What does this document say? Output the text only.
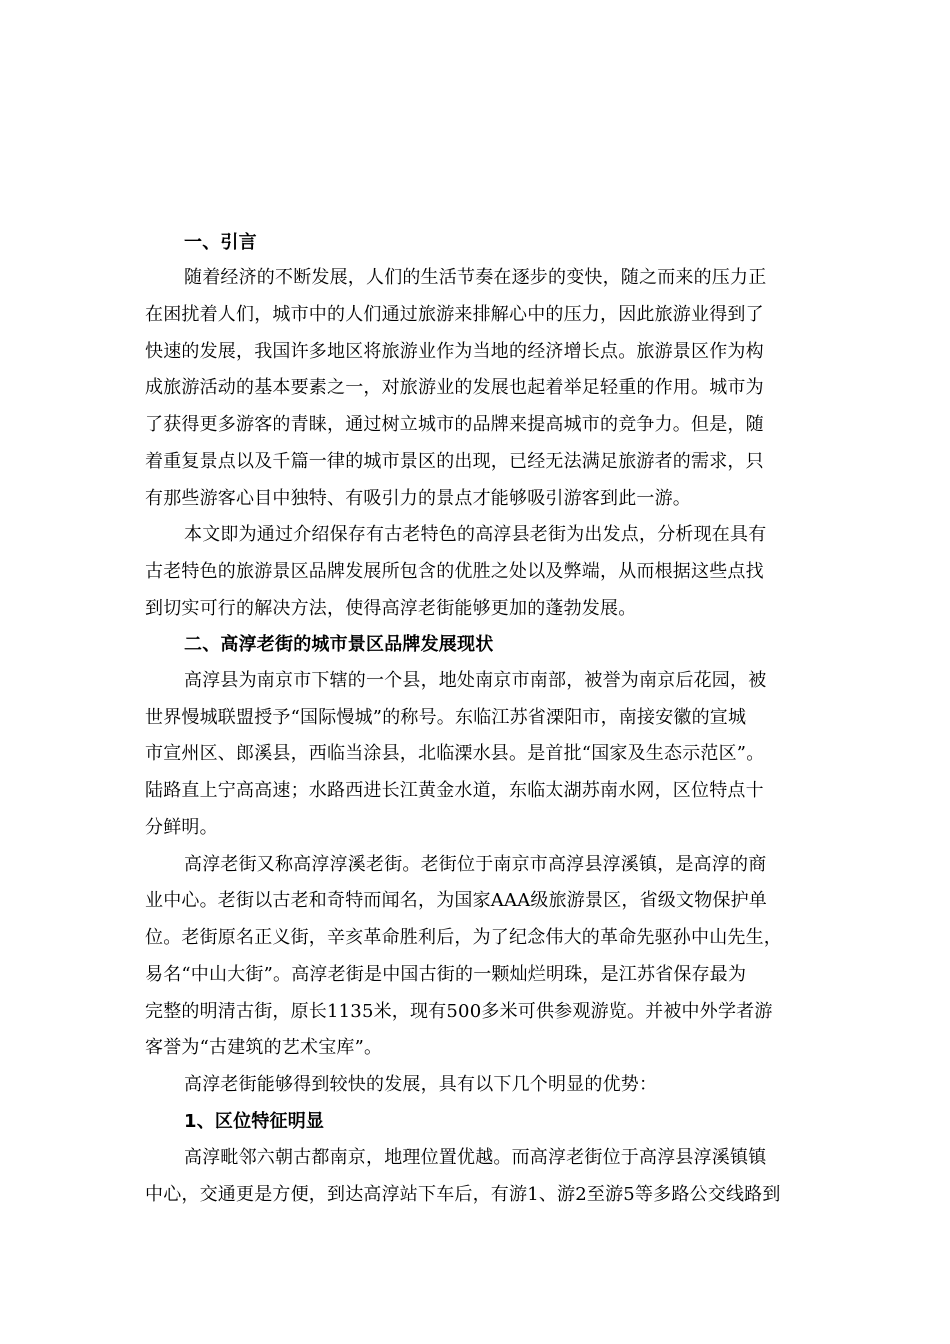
一、引言
随着经济的不断发展，人们的生活节奏在逐步的变快，随之而来的压力正
在困扰着人们，城市中的人们通过旅游来排解心中的压力，因此旅游业得到了
快速的发展，我国许多地区将旅游业作为当地的经济增长点。旅游景区作为构
成旅游活动的基本要素之一，对旅游业的发展也起着举足轻重的作用。城市为
了获得更多游客的青睐，通过树立城市的品牌来提高城市的竞争力。但是，随
着重复景点以及千篇一律的城市景区的出现，已经无法满足旅游者的需求，只
有那些游客心目中独特、有吸引力的景点才能够吸引游客到此一游。
本文即为通过介绍保存有古老特色的高淳县老街为出发点，分析现在具有
古老特色的旅游景区品牌发展所包含的优胜之处以及弊端，从而根据这些点找
到切实可行的解决方法，使得高淳老街能够更加的蓬勃发展。
二、高淳老街的城市景区品牌发展现状
高淳县为南京市下辖的一个县，地处南京市南部，被誉为南京后花园，被
世界慢城联盟授予“国际慢城”的称号。东临江苏省溧阳市，南接安徽的宣城
市宣州区、郎溪县，西临当涂县，北临溧水县。是首批“国家及生态示范区”。
陆路直上宁高高速；水路西进长江黄金水道，东临太湖苏南水网，区位特点十
分鲜明。
高淳老街又称高淳淳溪老街。老街位于南京市高淳县淳溪镇，是高淳的商
业中心。老街以古老和奇特而闻名，为国家AAA级旅游景区，省级文物保护单
位。老街原名正义街，辛亥革命胜利后，为了纪念伟大的革命先驱孙中山先生，
易名“中山大街”。高淳老街是中国古街的一颗灿烂明珠，是江苏省保存最为
完整的明清古街，原长1135米，现有500多米可供参观游览。并被中外学者游
客誉为“古建筑的艺术宝库”。
高淳老街能够得到较快的发展，具有以下几个明显的优势：
1、区位特征明显
高淳毗邻六朝古都南京，地理位置优越。而高淳老街位于高淳县淳溪镇镇
中心，交通更是方便，到达高淳站下车后，有游1、游2至游5等多路公交线路到
